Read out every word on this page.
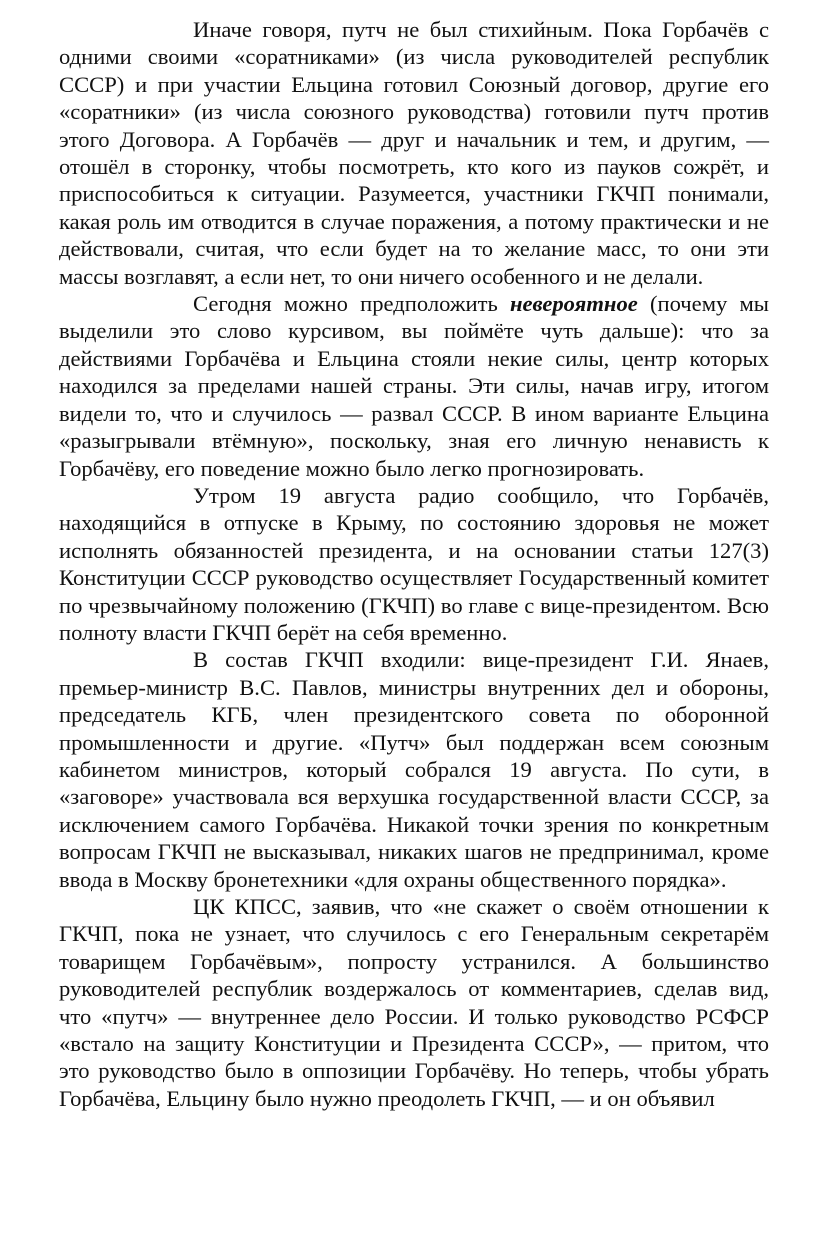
Иначе говоря, путч не был стихийным. Пока Горбачёв с одними своими «соратниками» (из числа руководителей республик СССР) и при участии Ельцина готовил Союзный договор, другие его «соратники» (из числа союзного руководства) готовили путч против этого Договора. А Горбачёв — друг и начальник и тем, и другим, — отошёл в сторонку, чтобы посмотреть, кто кого из пауков сожрёт, и приспособиться к ситуации. Разумеется, участники ГКЧП понимали, какая роль им отводится в случае поражения, а потому практически и не действовали, считая, что если будет на то желание масс, то они эти массы возглавят, а если нет, то они ничего особенного и не делали.

Сегодня можно предположить невероятное (почему мы выделили это слово курсивом, вы поймёте чуть дальше): что за действиями Горбачёва и Ельцина стояли некие силы, центр которых находился за пределами нашей страны. Эти силы, начав игру, итогом видели то, что и случилось — развал СССР. В ином варианте Ельцина «разыгрывали втёмную», поскольку, зная его личную ненависть к Горбачёву, его поведение можно было легко прогнозировать.

Утром 19 августа радио сообщило, что Горбачёв, находящийся в отпуске в Крыму, по состоянию здоровья не может исполнять обязанностей президента, и на основании статьи 127(3) Конституции СССР руководство осуществляет Государственный комитет по чрезвычайному положению (ГКЧП) во главе с вице-президентом. Всю полноту власти ГКЧП берёт на себя временно.

В состав ГКЧП входили: вице-президент Г.И. Янаев, премьер-министр B.C. Павлов, министры внутренних дел и обороны, председатель КГБ, член президентского совета по оборонной промышленности и другие. «Путч» был поддержан всем союзным кабинетом министров, который собрался 19 августа. По сути, в «заговоре» участвовала вся верхушка государственной власти СССР, за исключением самого Горбачёва. Никакой точки зрения по конкретным вопросам ГКЧП не высказывал, никаких шагов не предпринимал, кроме ввода в Москву бронетехники «для охраны общественного порядка».

ЦК КПСС, заявив, что «не скажет о своём отношении к ГКЧП, пока не узнает, что случилось с его Генеральным секретарём товарищем Горбачёвым», попросту устранился. А большинство руководителей республик воздержалось от комментариев, сделав вид, что «путч» — внутреннее дело России. И только руководство РСФСР «встало на защиту Конституции и Президента СССР», — притом, что это руководство было в оппозиции Горбачёву. Но теперь, чтобы убрать Горбачёва, Ельцину было нужно преодолеть ГКЧП, — и он объявил
